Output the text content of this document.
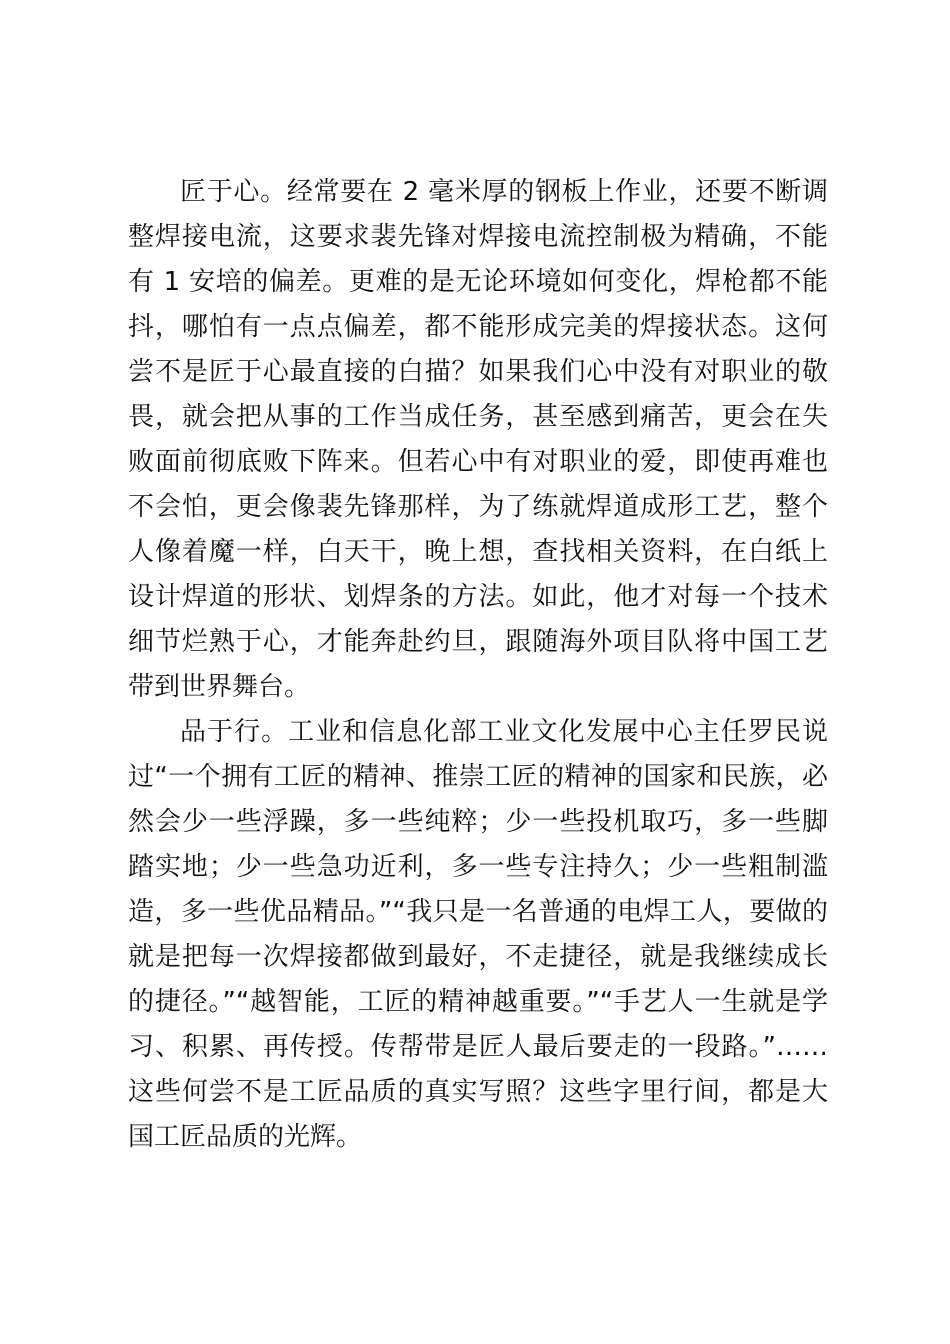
匠于心。经常要在 2 毫米厚的钢板上作业，还要不断调整焊接电流，这要求裴先锋对焊接电流控制极为精确，不能有 1 安培的偏差。更难的是无论环境如何变化，焊枪都不能抖，哪怕有一点点偏差，都不能形成完美的焊接状态。这何尝不是匠于心最直接的白描？如果我们心中没有对职业的敬畏，就会把从事的工作当成任务，甚至感到痛苦，更会在失败面前彻底败下阵来。但若心中有对职业的爱，即使再难也不会怕，更会像裴先锋那样，为了练就焊道成形工艺，整个人像着魔一样，白天干，晚上想，查找相关资料，在白纸上设计焊道的形状、划焊条的方法。如此，他才对每一个技术细节烂熟于心，才能奔赴约旦，跟随海外项目队将中国工艺带到世界舞台。

品于行。工业和信息化部工业文化发展中心主任罗民说过“一个拥有工匠的精神、推崇工匠的精神的国家和民族，必然会少一些浮躁，多一些纯粹；少一些投机取巧，多一些脚踏实地；少一些急功近利，多一些专注持久；少一些粗制滥造，多一些优品精品。”“我只是一名普通的电焊工人，要做的就是把每一次焊接都做到最好，不走捷径，就是我继续成长的捷径。”“越智能，工匠的精神越重要。”“手艺人一生就是学习、积累、再传授。传帮带是匠人最后要走的一段路。”……这些何尝不是工匠品质的真实写照？这些字里行间，都是大国工匠品质的光辉。
